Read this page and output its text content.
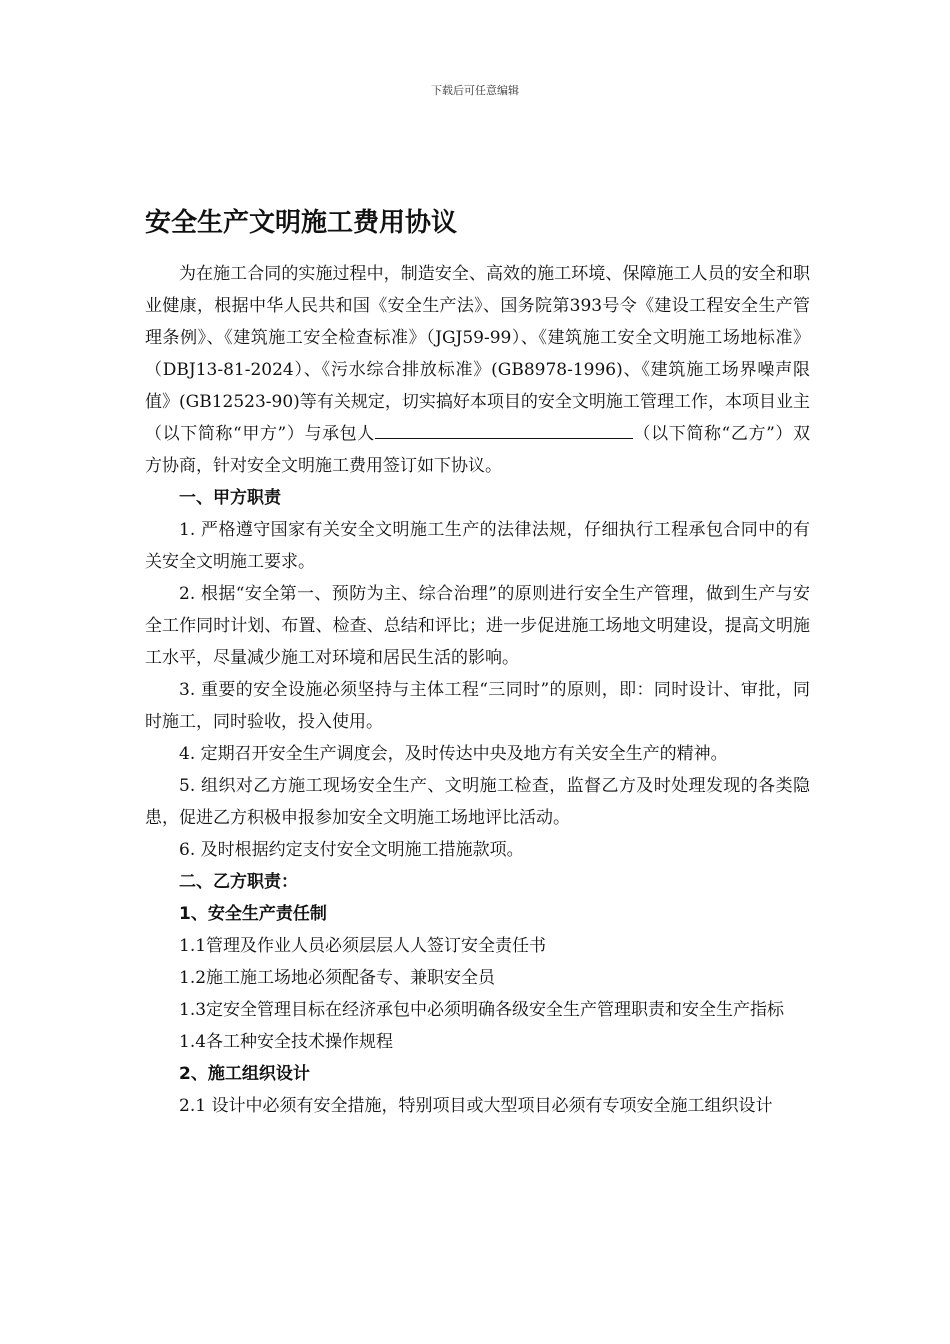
下载后可任意编辑
安全生产文明施工费用协议

为在施工合同的实施过程中，制造安全、高效的施工环境、保障施工人员的安全和职业健康，根据中华人民共和国《安全生产法》、国务院第393号令《建设工程安全生产管理条例》、《建筑施工安全检查标准》（JGJ59-99）、《建筑施工安全文明施工场地标准》（DBJ13-81-2024）、《污水综合排放标准》(GB8978-1996)、《建筑施工场界噪声限值》(GB12523-90)等有关规定，切实搞好本项目的安全文明施工管理工作，本项目业主（以下简称“甲方”）与承包人	（以下简称“乙方”）双方协商，针对安全文明施工费用签订如下协议。

一、甲方职责

1. 严格遵守国家有关安全文明施工生产的法律法规，仔细执行工程承包合同中的有关安全文明施工要求。

2. 根据“安全第一、预防为主、综合治理”的原则进行安全生产管理，做到生产与安全工作同时计划、布置、检查、总结和评比；进一步促进施工场地文明建设，提高文明施工水平，尽量减少施工对环境和居民生活的影响。

3. 重要的安全设施必须坚持与主体工程“三同时”的原则，即：同时设计、审批，同时施工，同时验收，投入使用。

4. 定期召开安全生产调度会，及时传达中央及地方有关安全生产的精神。

5. 组织对乙方施工现场安全生产、文明施工检查，监督乙方及时处理发现的各类隐患，促进乙方积极申报参加安全文明施工场地评比活动。

6. 及时根据约定支付安全文明施工措施款项。

二、乙方职责：

1、安全生产责任制

1.1管理及作业人员必须层层人人签订安全责任书

1.2施工施工场地必须配备专、兼职安全员

1.3定安全管理目标在经济承包中必须明确各级安全生产管理职责和安全生产指标

1.4各工种安全技术操作规程

2、施工组织设计

2.1 设计中必须有安全措施，特别项目或大型项目必须有专项安全施工组织设计
